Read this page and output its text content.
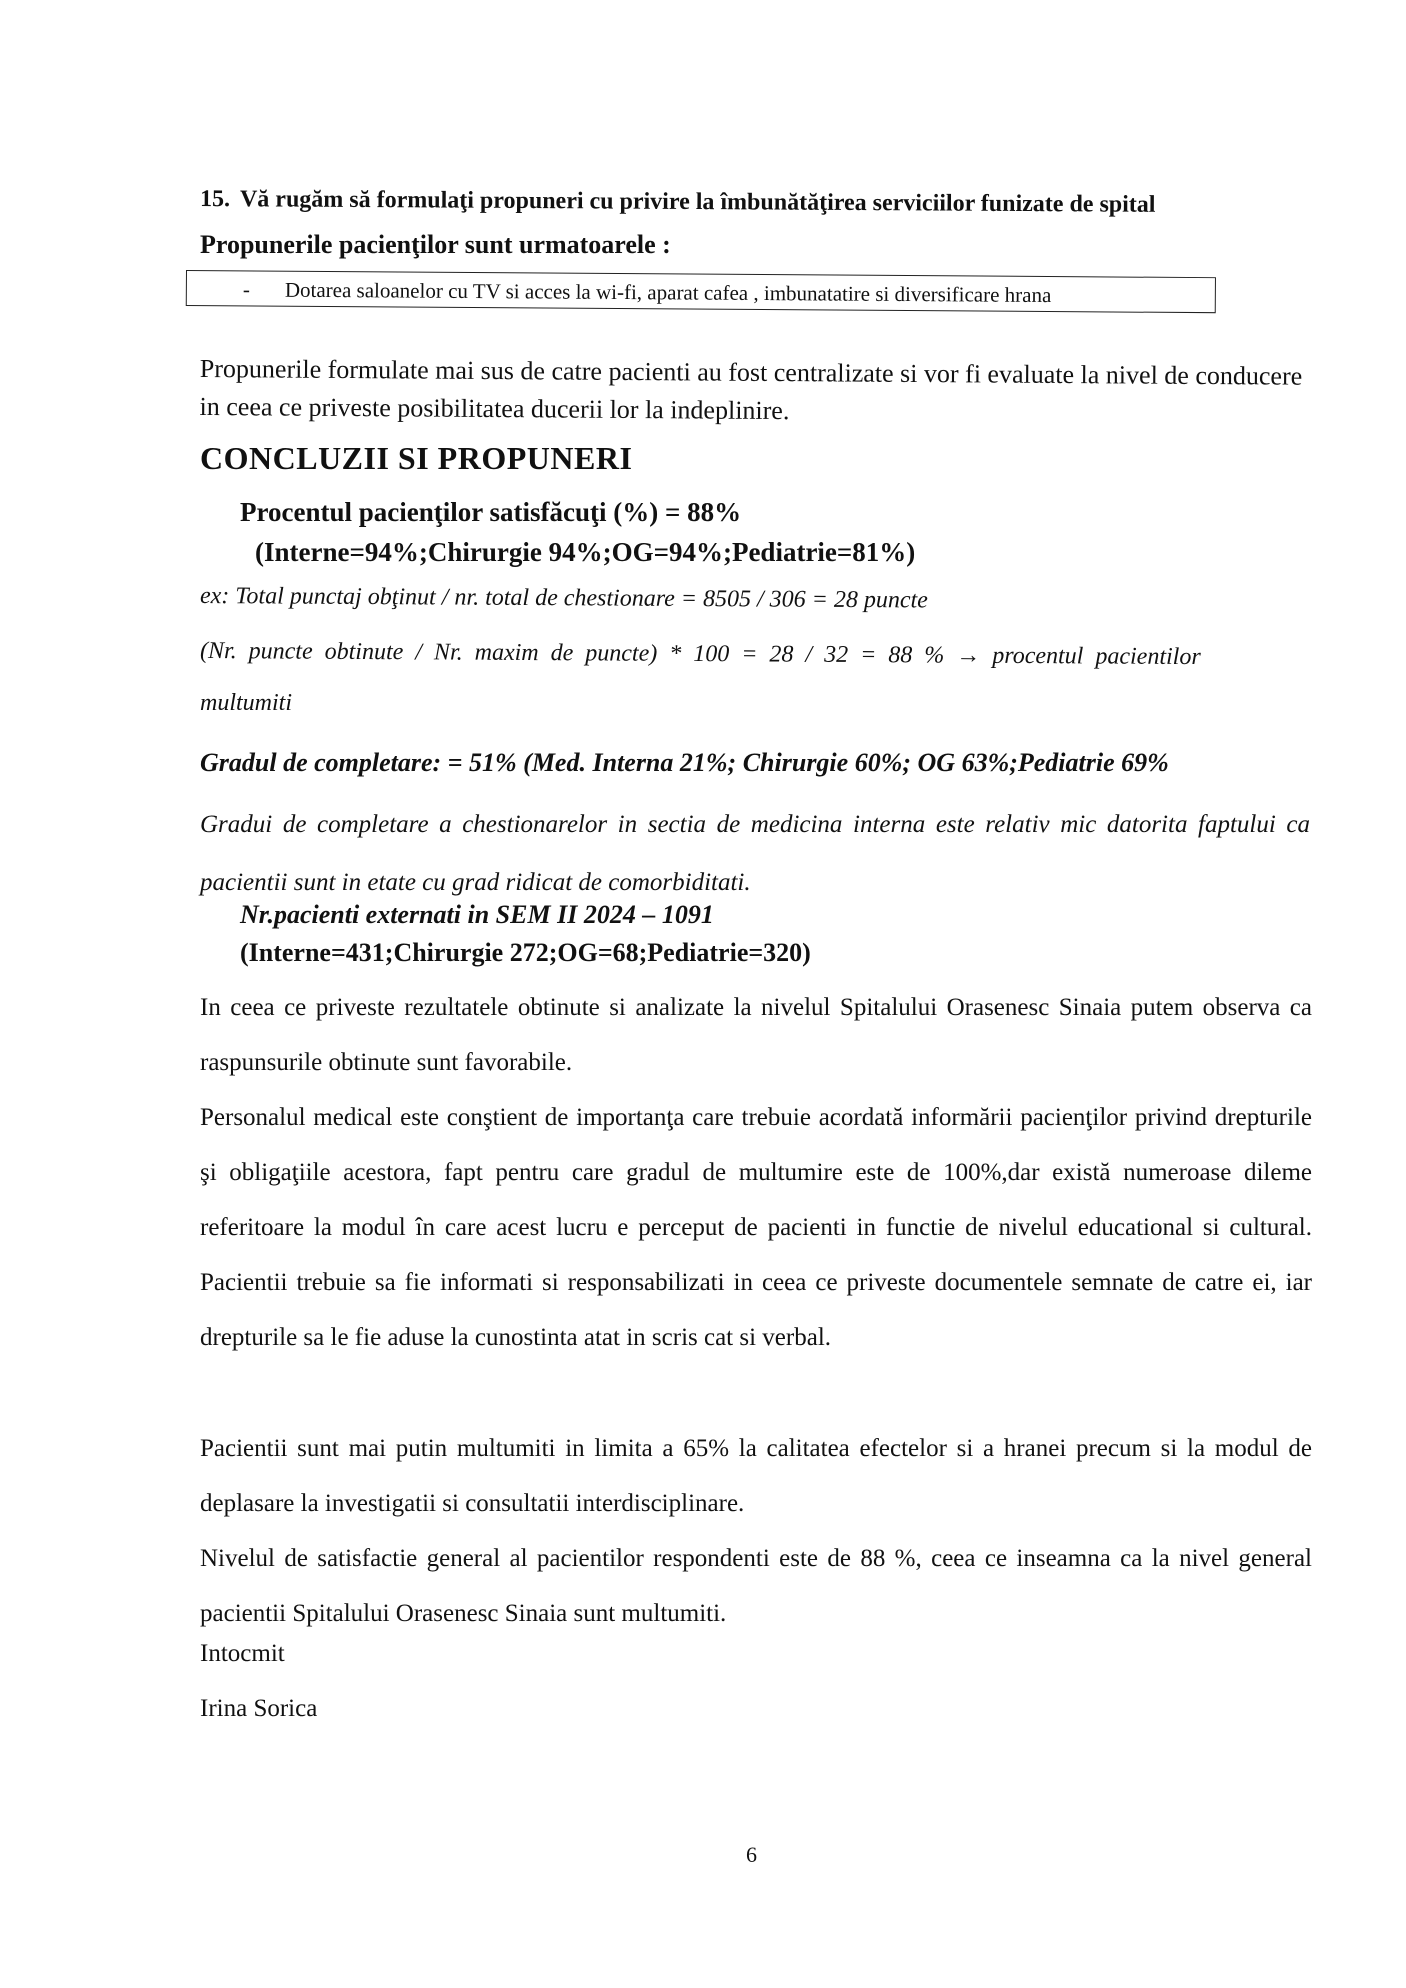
15. Vă rugăm să formulaţi propuneri cu privire la îmbunătăţirea serviciilor funizate de spital
Propunerile pacienţilor sunt urmatoarele :
- Dotarea saloanelor cu TV si acces la wi-fi, aparat cafea , imbunatatire si diversificare hrana
Propunerile formulate mai sus de catre pacienti au fost centralizate si vor fi evaluate la nivel de conducere in ceea ce priveste posibilitatea ducerii lor la indeplinire.
CONCLUZII SI PROPUNERI
Procentul pacienţilor satisfăcuţi (%) = 88%
(Interne=94%;Chirurgie 94%;OG=94%;Pediatrie=81%)
ex: Total punctaj obţinut / nr. total de chestionare = 8505 / 306 = 28 puncte
(Nr. puncte obtinute / Nr. maxim de puncte) * 100 = 28 / 32 = 88 % → procentul pacientilor
multumiti
Gradul de completare: = 51% (Med. Interna 21%; Chirurgie 60%; OG 63%;Pediatrie 69%
Gradui de completare a chestionarelor in sectia de medicina interna este relativ mic datorita faptului ca pacientii sunt in etate cu grad ridicat de comorbiditati.
Nr.pacienti externati in SEM II 2024 – 1091
(Interne=431;Chirurgie 272;OG=68;Pediatrie=320)
In ceea ce priveste rezultatele obtinute si analizate la nivelul Spitalului Orasenesc Sinaia putem observa ca raspunsurile obtinute sunt favorabile.
Personalul medical este conştient de importanţa care trebuie acordată informării pacienţilor privind drepturile şi obligaţiile acestora, fapt pentru care gradul de multumire este de 100%,dar există numeroase dileme referitoare la modul în care acest lucru e perceput de pacienti in functie de nivelul educational si cultural. Pacientii trebuie sa fie informati si responsabilizati in ceea ce priveste documentele semnate de catre ei, iar drepturile sa le fie aduse la cunostinta atat in scris cat si verbal.
Pacientii sunt mai putin multumiti in limita a 65% la calitatea efectelor si a hranei precum si la modul de deplasare la investigatii si consultatii interdisciplinare.
Nivelul de satisfactie general al pacientilor respondenti este de 88 %, ceea ce inseamna ca la nivel general pacientii Spitalului Orasenesc Sinaia sunt multumiti.
Intocmit
Irina Sorica
6
